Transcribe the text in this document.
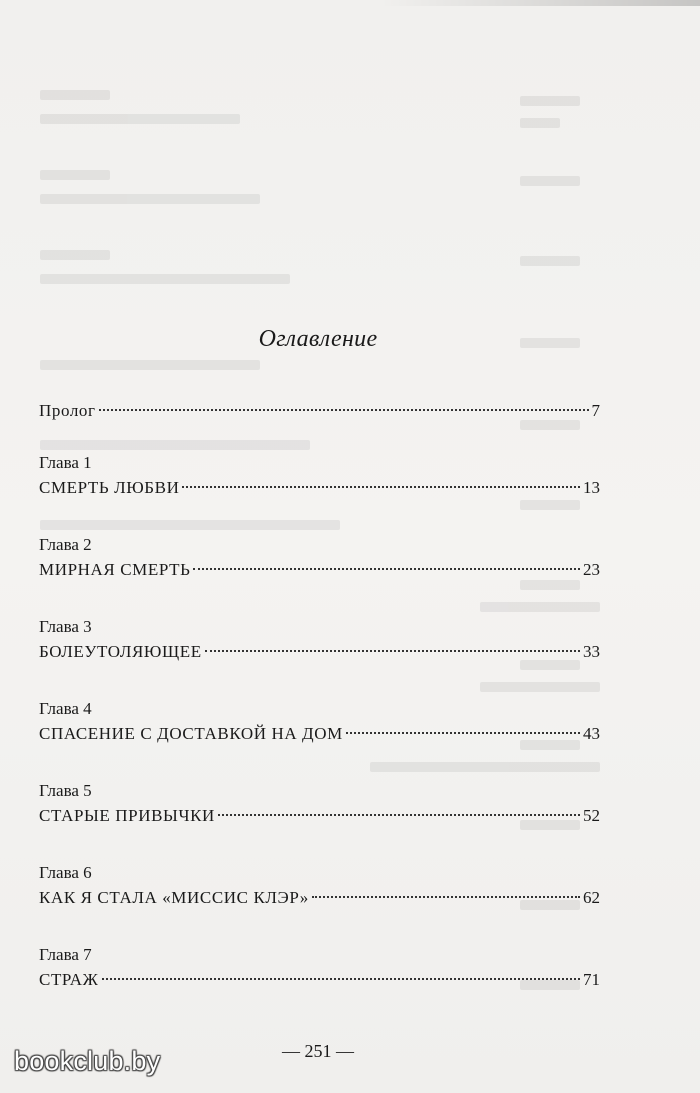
Оглавление
Пролог	7
Глава 1
СМЕРТЬ ЛЮБВИ	13
Глава 2
МИРНАЯ СМЕРТЬ	23
Глава 3
БОЛЕУТОЛЯЮЩЕЕ	33
Глава 4
СПАСЕНИЕ С ДОСТАВКОЙ НА ДОМ	43
Глава 5
СТАРЫЕ ПРИВЫЧКИ	52
Глава 6
КАК Я СТАЛА «МИССИС КЛЭР»	62
Глава 7
СТРАЖ	71
— 251 —
bookclub.by
